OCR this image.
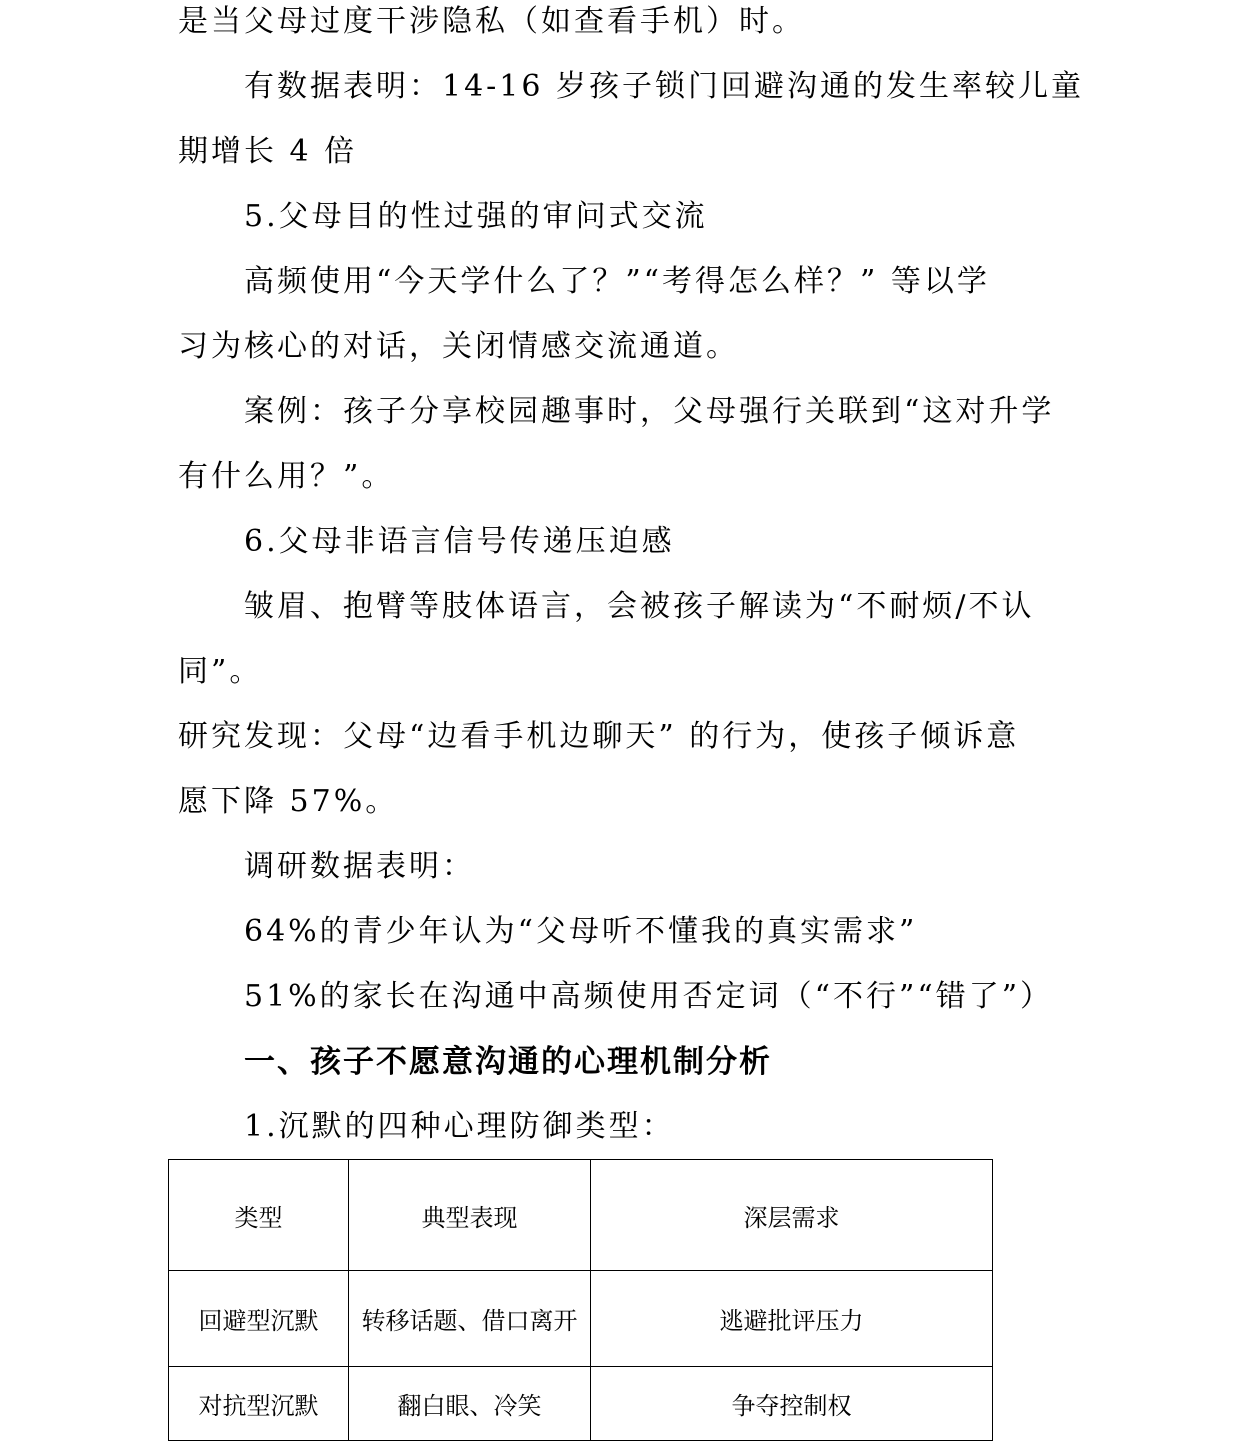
是当父母过度干涉隐私（如查看手机）时。
有数据表明：14-16 岁孩子锁门回避沟通的发生率较儿童
期增长 4 倍
5.父母目的性过强的审问式交流
高频使用“今天学什么了？”“考得怎么样？” 等以学
习为核心的对话，关闭情感交流通道。
案例：孩子分享校园趣事时，父母强行关联到“这对升学
有什么用？”。
6.父母非语言信号传递压迫感
皱眉、抱臂等肢体语言，会被孩子解读为“不耐烦/不认
同”。
研究发现：父母“边看手机边聊天” 的行为，使孩子倾诉意
愿下降 57%。
调研数据表明：
64%的青少年认为“父母听不懂我的真实需求”
51%的家长在沟通中高频使用否定词（“不行”“错了”）
一、孩子不愿意沟通的心理机制分析
1.沉默的四种心理防御类型：
类型	典型表现	深层需求
回避型沉默	转移话题、借口离开	逃避批评压力
对抗型沉默	翻白眼、冷笑	争夺控制权
